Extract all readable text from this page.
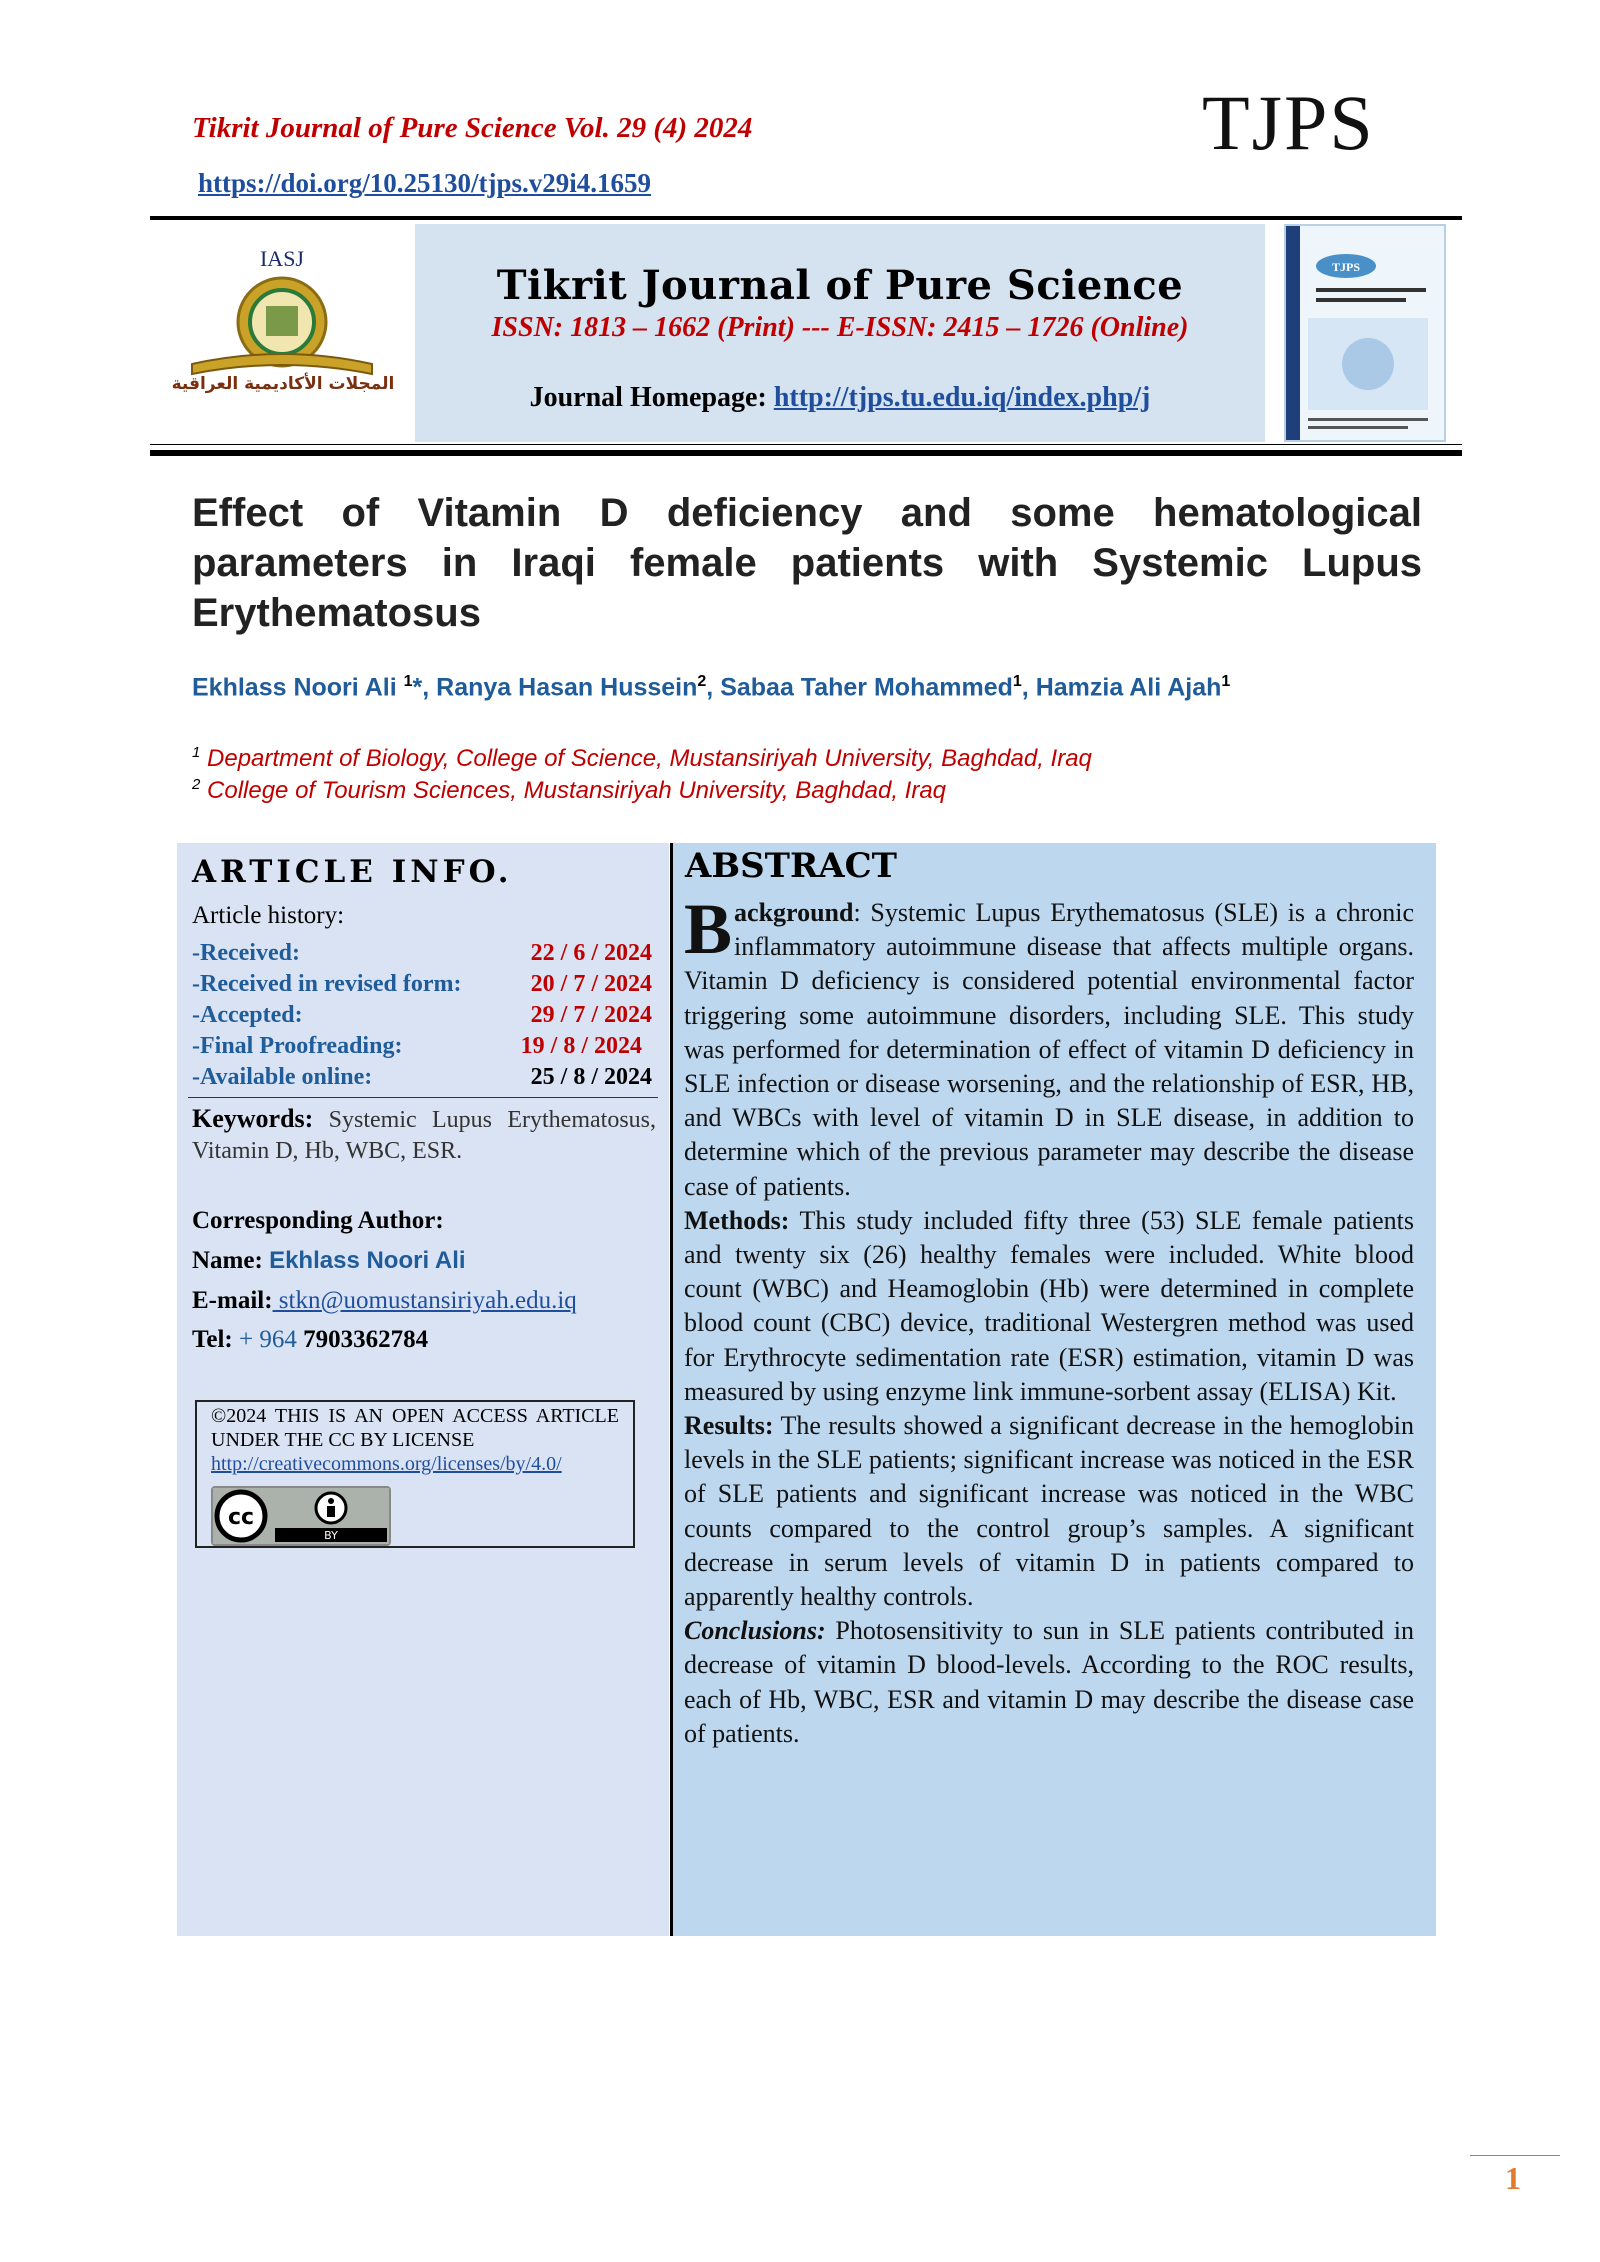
Tikrit Journal of Pure Science Vol. 29 (4) 2024	TJPS
https://doi.org/10.25130/tjps.v29i4.1659
IASJ
المجلات الأكاديمية العراقية
Tikrit Journal of Pure Science
ISSN: 1813 – 1662 (Print) --- E-ISSN: 2415 – 1726 (Online)
Journal Homepage: http://tjps.tu.edu.iq/index.php/j
TJPS
Effect of Vitamin D deficiency and some hematological parameters in Iraqi female patients with Systemic Lupus Erythematosus
Ekhlass Noori Ali $^1$*, Ranya Hasan Hussein$^2$, Sabaa Taher Mohammed$^1$, Hamzia Ali Ajah$^1$
$^1$ Department of Biology, College of Science, Mustansiriyah University, Baghdad, Iraq
$^2$ College of Tourism Sciences, Mustansiriyah University, Baghdad, Iraq
ARTICLE INFO.
Article history:
-Received:	22 / 6 / 2024
-Received in revised form:	20 / 7 / 2024
-Accepted:	29 / 7 / 2024
-Final Proofreading:	19 / 8 / 2024
-Available online:	25 / 8 / 2024
Keywords: Systemic Lupus Erythematosus, Vitamin D, Hb, WBC, ESR.
Corresponding Author:
Name: Ekhlass Noori Ali
E-mail: stkn@uomustansiriyah.edu.iq
Tel: + 964 7903362784
©2024 THIS IS AN OPEN ACCESS ARTICLE UNDER THE CC BY LICENSE
http://creativecommons.org/licenses/by/4.0/
cc
BY
ABSTRACT

Background: Systemic Lupus Erythematosus (SLE) is a chronic inflammatory autoimmune disease that affects multiple organs. Vitamin D deficiency is considered potential environmental factor triggering some autoimmune disorders, including SLE. This study was performed for determination of effect of vitamin D deficiency in SLE infection or disease worsening, and the relationship of ESR, HB, and WBCs with level of vitamin D in SLE disease, in addition to determine which of the previous parameter may describe the disease case of patients.

Methods: This study included fifty three (53) SLE female patients and twenty six (26) healthy females were included. White blood count (WBC) and Heamoglobin (Hb) were determined in complete blood count (CBC) device, traditional Westergren method was used for Erythrocyte sedimentation rate (ESR) estimation, vitamin D was measured by using enzyme link immune-sorbent assay (ELISA) Kit.

Results: The results showed a significant decrease in the hemoglobin levels in the SLE patients; significant increase was noticed in the ESR of SLE patients and significant increase was noticed in the WBC counts compared to the control group’s samples. A significant decrease in serum levels of vitamin D in patients compared to apparently healthy controls.

Conclusions: Photosensitivity to sun in SLE patients contributed in decrease of vitamin D blood-levels. According to the ROC results, each of Hb, WBC, ESR and vitamin D may describe the disease case of patients.

1
